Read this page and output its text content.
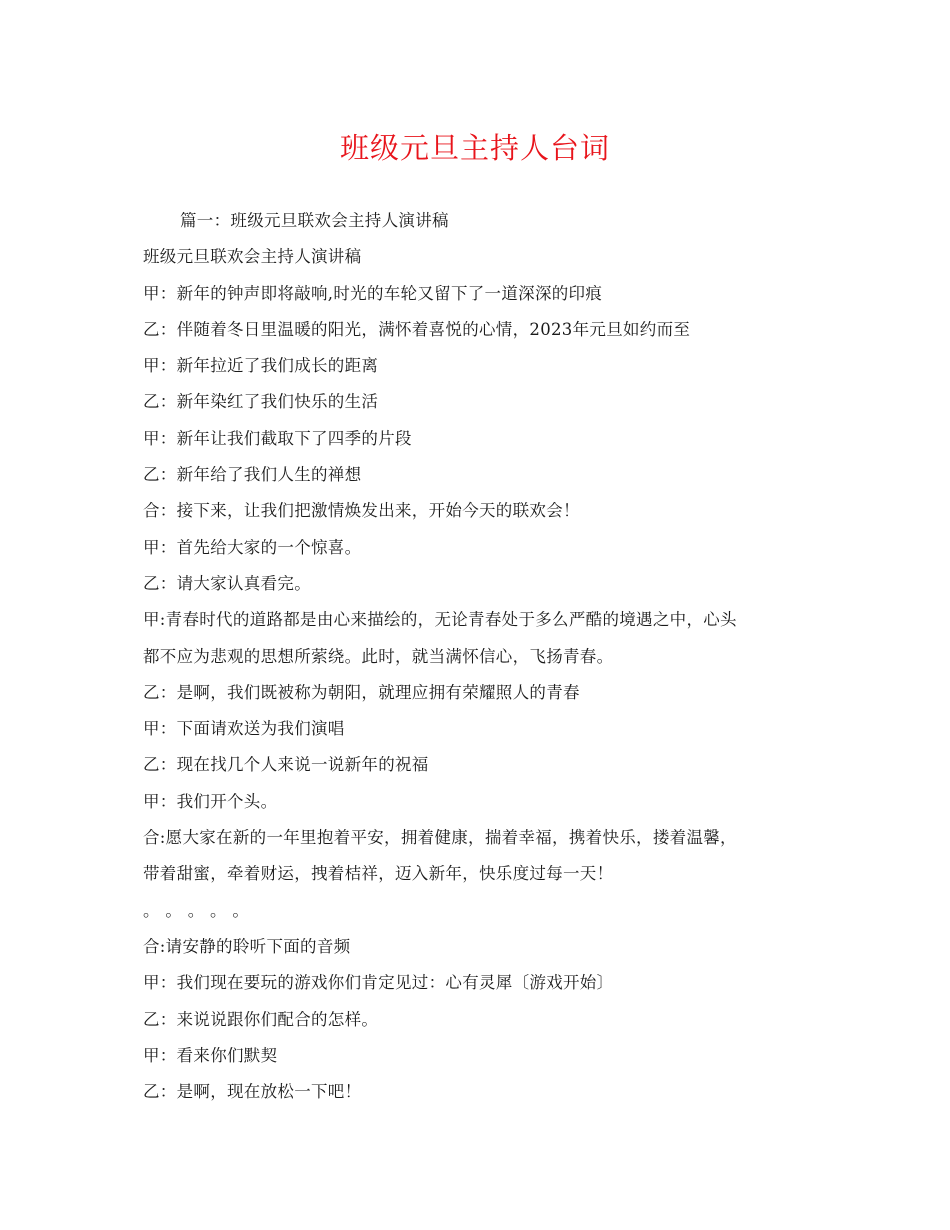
班级元旦主持人台词
篇一：班级元旦联欢会主持人演讲稿
班级元旦联欢会主持人演讲稿
甲：新年的钟声即将敲响,时光的车轮又留下了一道深深的印痕
乙：伴随着冬日里温暖的阳光，满怀着喜悦的心情，2023年元旦如约而至
甲：新年拉近了我们成长的距离
乙：新年染红了我们快乐的生活
甲：新年让我们截取下了四季的片段
乙：新年给了我们人生的禅想
合：接下来，让我们把激情焕发出来，开始今天的联欢会！
甲：首先给大家的一个惊喜。
乙：请大家认真看完。
甲:青春时代的道路都是由心来描绘的，无论青春处于多么严酷的境遇之中，心头
都不应为悲观的思想所萦绕。此时，就当满怀信心，飞扬青春。
乙：是啊，我们既被称为朝阳，就理应拥有荣耀照人的青春
甲：下面请欢送为我们演唱
乙：现在找几个人来说一说新年的祝福
甲：我们开个头。
合:愿大家在新的一年里抱着平安，拥着健康，揣着幸福，携着快乐，搂着温馨，
带着甜蜜，牵着财运，拽着桔祥，迈入新年，快乐度过每一天！
。 。 。 。 。
合:请安静的聆听下面的音频
甲：我们现在要玩的游戏你们肯定见过：心有灵犀〔游戏开始〕
乙：来说说跟你们配合的怎样。
甲：看来你们默契
乙：是啊，现在放松一下吧！
